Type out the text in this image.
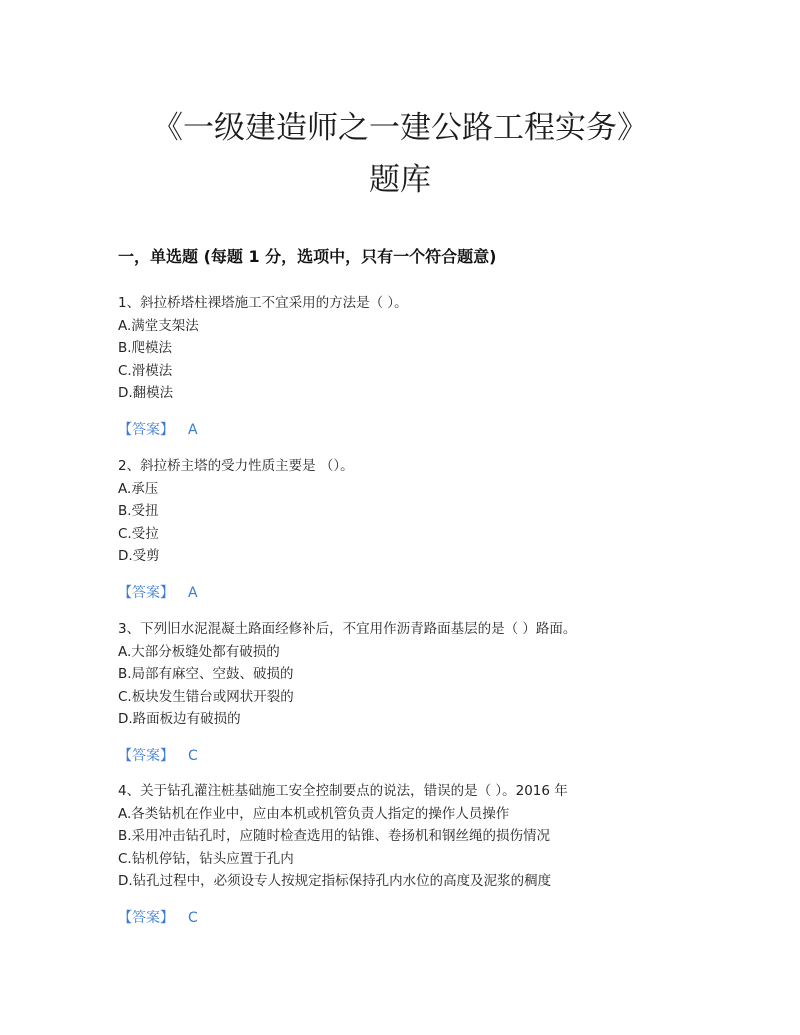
《一级建造师之一建公路工程实务》
题库
一，单选题 (每题 1 分，选项中，只有一个符合题意)
1、斜拉桥塔柱裸塔施工不宜采用的方法是（ ）。
A.满堂支架法
B.爬模法
C.滑模法
D.翻模法
【答案】 A
2、斜拉桥主塔的受力性质主要是 （）。
A.承压
B.受扭
C.受拉
D.受剪
【答案】 A
3、下列旧水泥混凝土路面经修补后，不宜用作沥青路面基层的是（ ）路面。
A.大部分板缝处都有破损的
B.局部有麻空、空鼓、破损的
C.板块发生错台或网状开裂的
D.路面板边有破损的
【答案】 C
4、关于钻孔灌注桩基础施工安全控制要点的说法，错误的是（ ）。2016 年
A.各类钻机在作业中，应由本机或机管负责人指定的操作人员操作
B.采用冲击钻孔时，应随时检查选用的钻锥、卷扬机和钢丝绳的损伤情况
C.钻机停钻，钻头应置于孔内
D.钻孔过程中，必须设专人按规定指标保持孔内水位的高度及泥浆的稠度
【答案】 C
